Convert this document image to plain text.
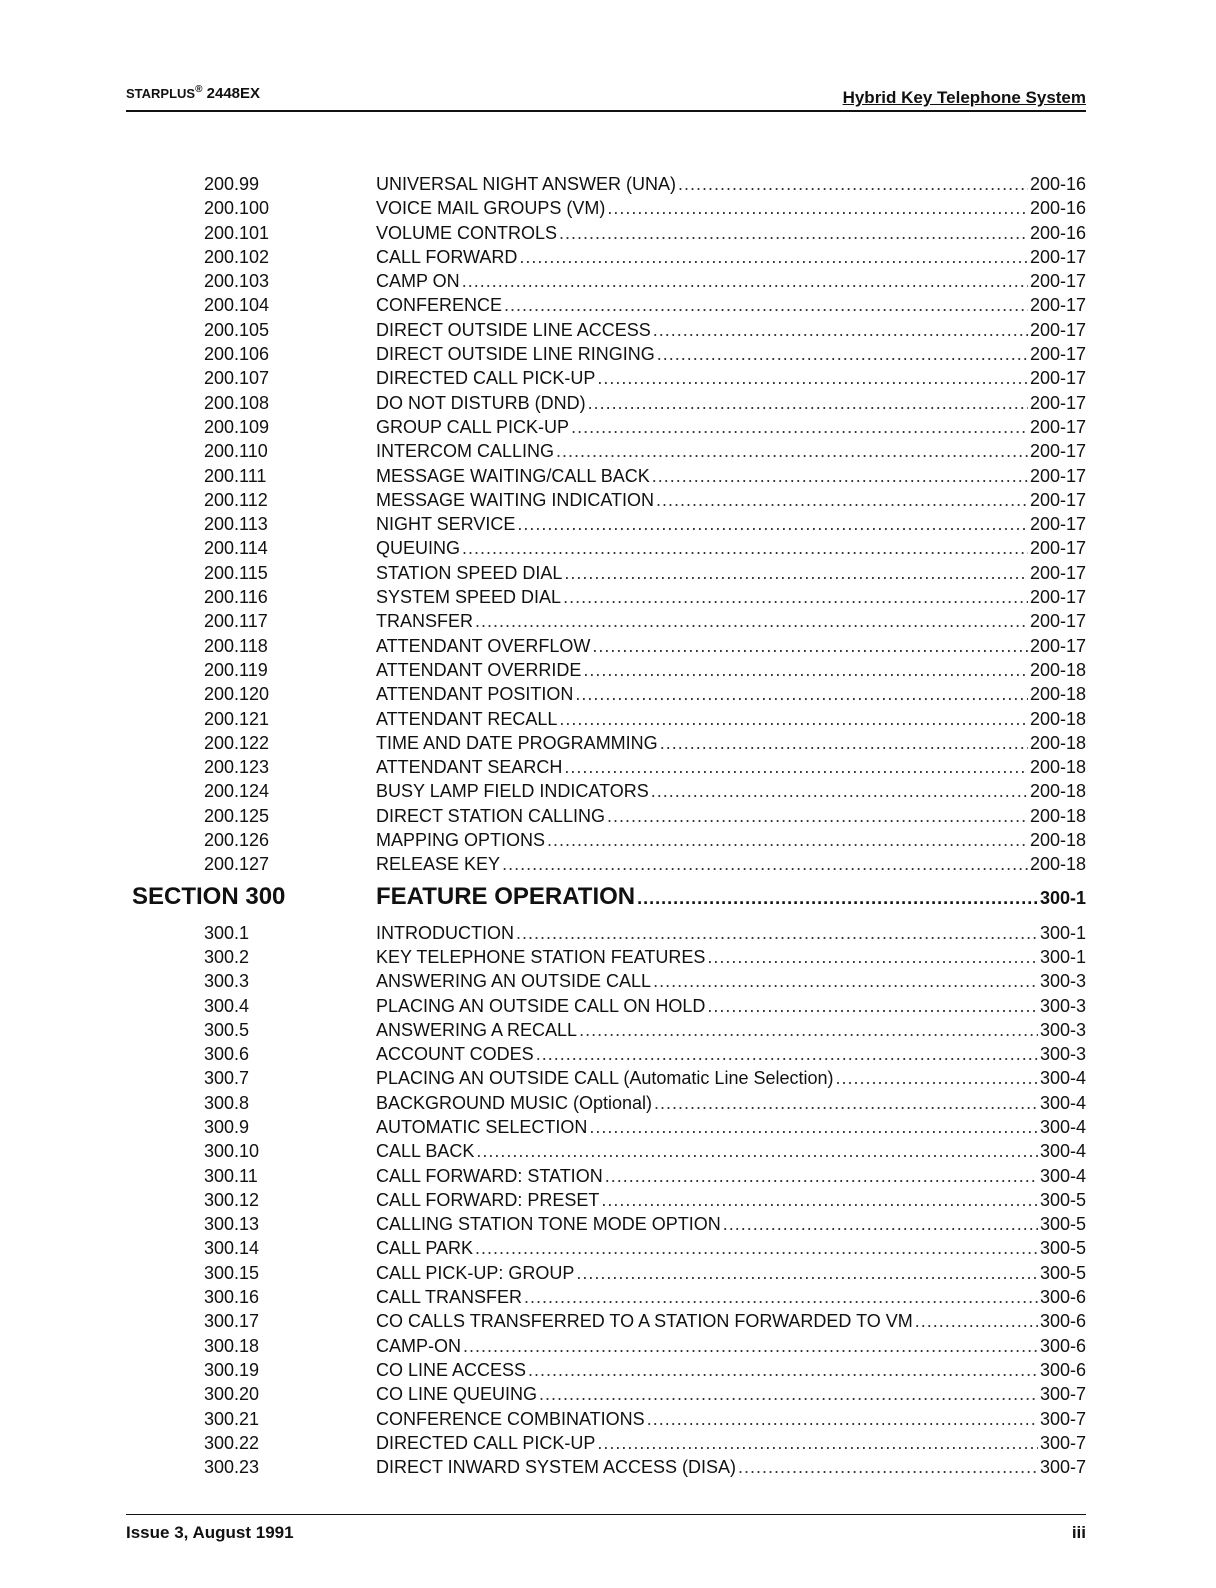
STARPLUS® 2448EX	Hybrid Key Telephone System
200.99	UNIVERSAL NIGHT ANSWER (UNA) .....	200-16
200.100	VOICE MAIL GROUPS (VM) .....	200-16
200.101	VOLUME CONTROLS .....	200-16
200.102	CALL FORWARD .....	200-17
200.103	CAMP ON .....	200-17
200.104	CONFERENCE .....	200-17
200.105	DIRECT OUTSIDE LINE ACCESS .....	200-17
200.106	DIRECT OUTSIDE LINE RINGING .....	200-17
200.107	DIRECTED CALL PICK-UP .....	200-17
200.108	DO NOT DISTURB (DND) .....	200-17
200.109	GROUP CALL PICK-UP .....	200-17
200.110	INTERCOM CALLING .....	200-17
200.111	MESSAGE WAITING/CALL BACK .....	200-17
200.112	MESSAGE WAITING INDICATION .....	200-17
200.113	NIGHT SERVICE .....	200-17
200.114	QUEUING .....	200-17
200.115	STATION SPEED DIAL .....	200-17
200.116	SYSTEM SPEED DIAL .....	200-17
200.117	TRANSFER .....	200-17
200.118	ATTENDANT OVERFLOW .....	200-17
200.119	ATTENDANT OVERRIDE .....	200-18
200.120	ATTENDANT POSITION .....	200-18
200.121	ATTENDANT RECALL .....	200-18
200.122	TIME AND DATE PROGRAMMING .....	200-18
200.123	ATTENDANT SEARCH .....	200-18
200.124	BUSY LAMP FIELD INDICATORS .....	200-18
200.125	DIRECT STATION CALLING .....	200-18
200.126	MAPPING OPTIONS .....	200-18
200.127	RELEASE KEY .....	200-18
SECTION 300	FEATURE OPERATION .....	300-1
300.1	INTRODUCTION .....	300-1
300.2	KEY TELEPHONE STATION FEATURES .....	300-1
300.3	ANSWERING AN OUTSIDE CALL .....	300-3
300.4	PLACING AN OUTSIDE CALL ON HOLD .....	300-3
300.5	ANSWERING A RECALL .....	300-3
300.6	ACCOUNT CODES .....	300-3
300.7	PLACING AN OUTSIDE CALL (Automatic Line Selection) .....	300-4
300.8	BACKGROUND MUSIC (Optional) .....	300-4
300.9	AUTOMATIC SELECTION .....	300-4
300.10	CALL BACK .....	300-4
300.11	CALL FORWARD: STATION .....	300-4
300.12	CALL FORWARD: PRESET .....	300-5
300.13	CALLING STATION TONE MODE OPTION .....	300-5
300.14	CALL PARK .....	300-5
300.15	CALL PICK-UP: GROUP .....	300-5
300.16	CALL TRANSFER .....	300-6
300.17	CO CALLS TRANSFERRED TO A STATION FORWARDED TO VM .....	300-6
300.18	CAMP-ON .....	300-6
300.19	CO LINE ACCESS .....	300-6
300.20	CO LINE QUEUING .....	300-7
300.21	CONFERENCE COMBINATIONS .....	300-7
300.22	DIRECTED CALL PICK-UP .....	300-7
300.23	DIRECT INWARD SYSTEM ACCESS (DISA) .....	300-7
Issue 3, August 1991	iii
